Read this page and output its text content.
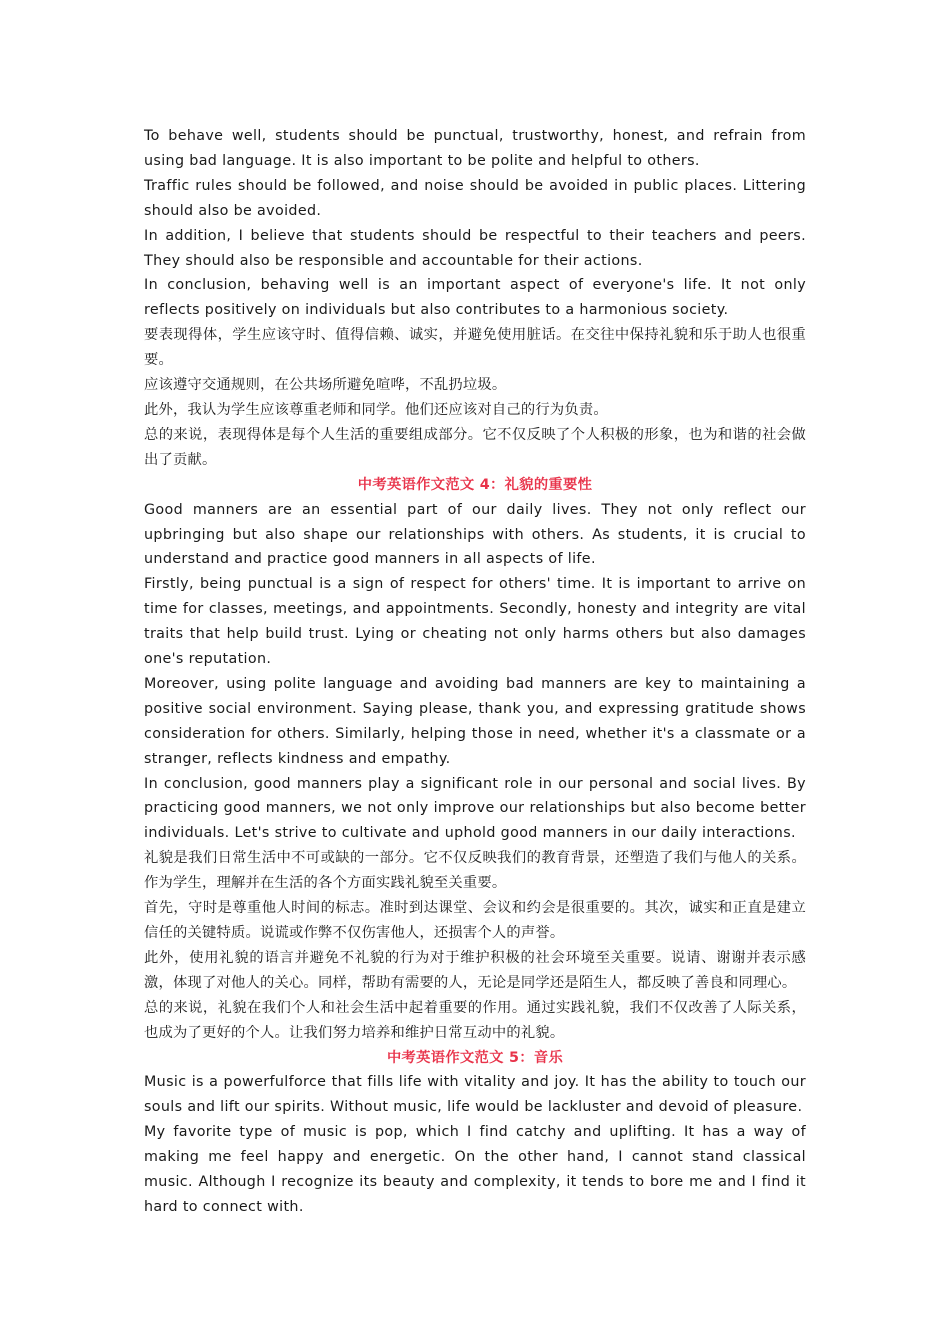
To behave well, students should be punctual, trustworthy, honest, and refrain from using bad language. It is also important to be polite and helpful to others.

Traffic rules should be followed, and noise should be avoided in public places. Littering should also be avoided.

In addition, I believe that students should be respectful to their teachers and peers. They should also be responsible and accountable for their actions.

In conclusion, behaving well is an important aspect of everyone's life. It not only reflects positively on individuals but also contributes to a harmonious society.

要表现得体，学生应该守时、值得信赖、诚实，并避免使用脏话。在交往中保持礼貌和乐于助人也很重要。

应该遵守交通规则，在公共场所避免喧哗，不乱扔垃圾。

此外，我认为学生应该尊重老师和同学。他们还应该对自己的行为负责。

总的来说，表现得体是每个人生活的重要组成部分。它不仅反映了个人积极的形象，也为和谐的社会做出了贡献。

中考英语作文范文 4：礼貌的重要性

Good manners are an essential part of our daily lives. They not only reflect our upbringing but also shape our relationships with others. As students, it is crucial to understand and practice good manners in all aspects of life.

Firstly, being punctual is a sign of respect for others' time. It is important to arrive on time for classes, meetings, and appointments. Secondly, honesty and integrity are vital traits that help build trust. Lying or cheating not only harms others but also damages one's reputation.

Moreover, using polite language and avoiding bad manners are key to maintaining a positive social environment. Saying please, thank you, and expressing gratitude shows consideration for others. Similarly, helping those in need, whether it's a classmate or a stranger, reflects kindness and empathy.

In conclusion, good manners play a significant role in our personal and social lives. By practicing good manners, we not only improve our relationships but also become better individuals. Let's strive to cultivate and uphold good manners in our daily interactions.

礼貌是我们日常生活中不可或缺的一部分。它不仅反映我们的教育背景，还塑造了我们与他人的关系。作为学生，理解并在生活的各个方面实践礼貌至关重要。

首先，守时是尊重他人时间的标志。准时到达课堂、会议和约会是很重要的。其次，诚实和正直是建立信任的关键特质。说谎或作弊不仅伤害他人，还损害个人的声誉。

此外，使用礼貌的语言并避免不礼貌的行为对于维护积极的社会环境至关重要。说请、谢谢并表示感激，体现了对他人的关心。同样，帮助有需要的人，无论是同学还是陌生人，都反映了善良和同理心。

总的来说，礼貌在我们个人和社会生活中起着重要的作用。通过实践礼貌，我们不仅改善了人际关系，也成为了更好的个人。让我们努力培养和维护日常互动中的礼貌。

中考英语作文范文 5：音乐

Music is a powerfulforce that fills life with vitality and joy. It has the ability to touch our souls and lift our spirits. Without music, life would be lackluster and devoid of pleasure.

My favorite type of music is pop, which I find catchy and uplifting. It has a way of making me feel happy and energetic. On the other hand, I cannot stand classical music. Although I recognize its beauty and complexity, it tends to bore me and I find it hard to connect with.
